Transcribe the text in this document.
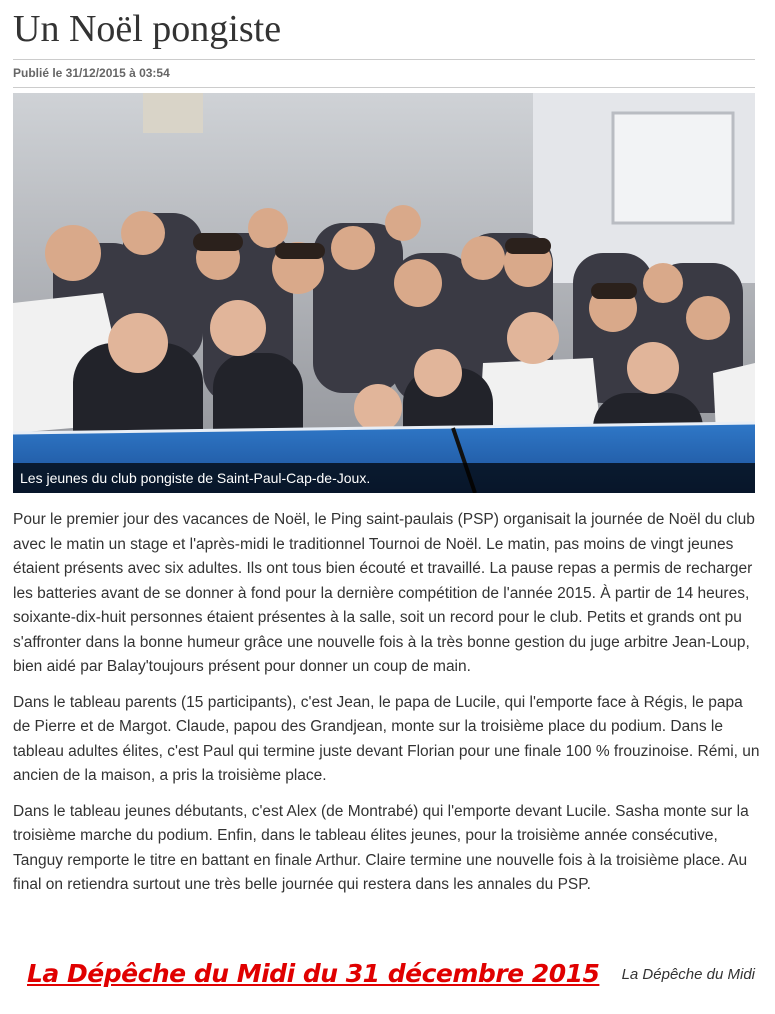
Un Noël pongiste
Publié le 31/12/2015 à 03:54
Les jeunes du club pongiste de Saint-Paul-Cap-de-Joux.

Pour le premier jour des vacances de Noël, le Ping saint-paulais (PSP) organisait la journée de Noël du club avec le matin un stage et l'après-midi le traditionnel Tournoi de Noël. Le matin, pas moins de vingt jeunes étaient présents avec six adultes. Ils ont tous bien écouté et travaillé. La pause repas a permis de recharger les batteries avant de se donner à fond pour la dernière compétition de l'année 2015. À partir de 14 heures, soixante-dix-huit personnes étaient présentes à la salle, soit un record pour le club. Petits et grands ont pu s'affronter dans la bonne humeur grâce une nouvelle fois à la très bonne gestion du juge arbitre Jean-Loup, bien aidé par Balay'toujours présent pour donner un coup de main.

Dans le tableau parents (15 participants), c'est Jean, le papa de Lucile, qui l'emporte face à Régis, le papa de Pierre et de Margot. Claude, papou des Grandjean, monte sur la troisième place du podium. Dans le tableau adultes élites, c'est Paul qui termine juste devant Florian pour une finale 100 % frouzinoise. Rémi, un ancien de la maison, a pris la troisième place.

Dans le tableau jeunes débutants, c'est Alex (de Montrabé) qui l'emporte devant Lucile. Sasha monte sur la troisième marche du podium. Enfin, dans le tableau élites jeunes, pour la troisième année consécutive, Tanguy remporte le titre en battant en finale Arthur. Claire termine une nouvelle fois à la troisième place. Au final on retiendra surtout une très belle journée qui restera dans les annales du PSP.

La Dépêche du Midi du 31 décembre 2015 La Dépêche du Midi
